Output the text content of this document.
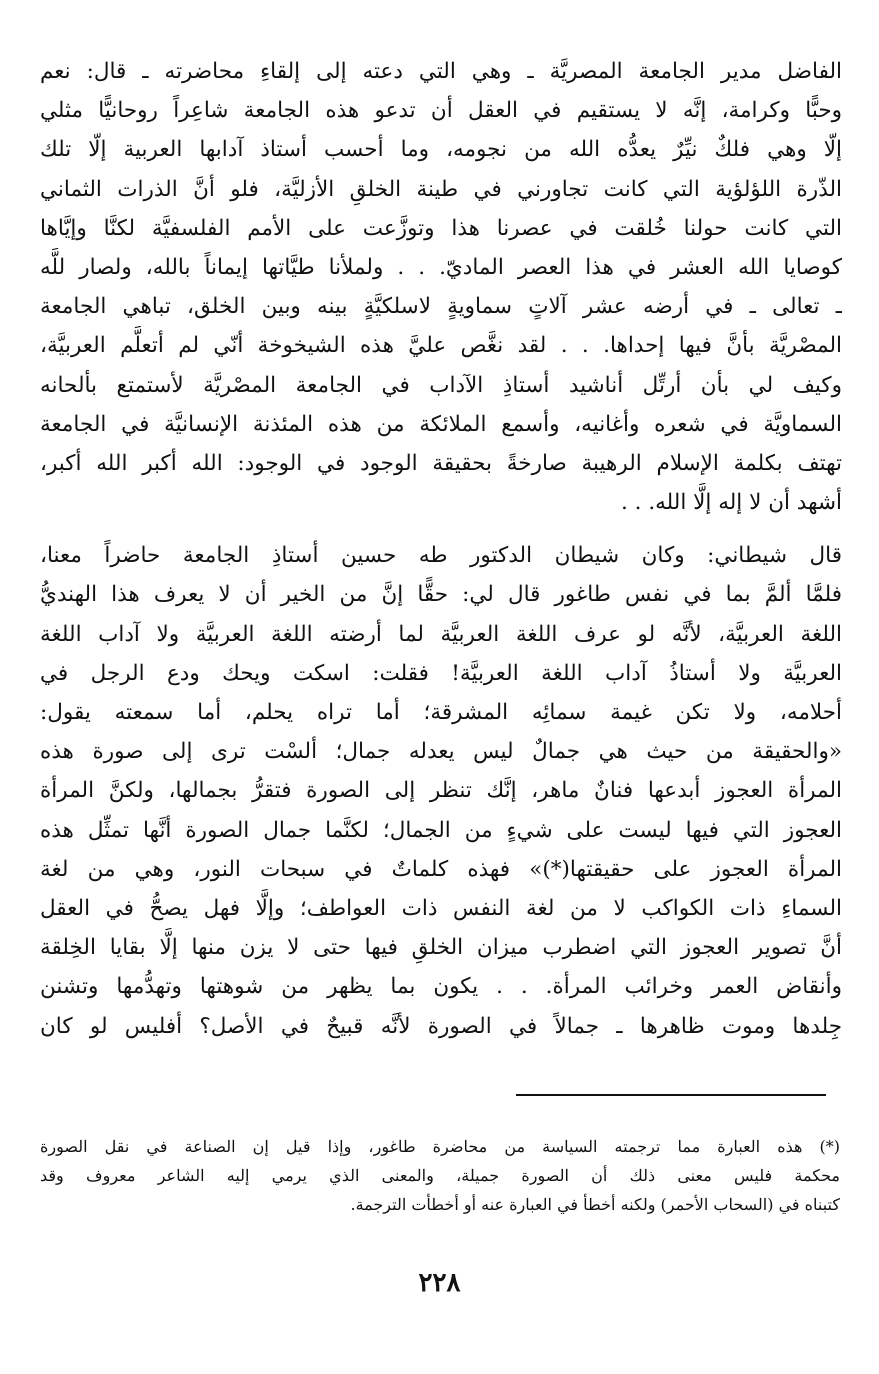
الفاضل مدير الجامعة المصريَّة ـ وهي التي دعته إلى إلقاءِ محاضرته ـ قال: نعم
وحبًّا وكرامة، إنَّه لا يستقيم في العقل أن تدعو هذه الجامعة شاعِراً روحانيًّا مثلي
إلّا وهي فلكٌ نيِّرٌ يعدُّه الله من نجومه، وما أحسب أستاذ آدابها العربية إلّا تلك
الذّرة اللؤلؤية التي كانت تجاورني في طينة الخلقِ الأزليَّة، فلو أنَّ الذرات الثماني
التي كانت حولنا خُلقت في عصرنا هذا وتوزَّعت على الأمم الفلسفيَّة لكنَّا وإيَّاها
كوصايا الله العشر في هذا العصر الماديّ. . . ولملأنا طيَّاتها إيماناً بالله، ولصار للَّه
ـ تعالى ـ في أرضه عشر آلاتٍ سماويةٍ لاسلكيَّةٍ بينه وبين الخلق، تباهي الجامعة
المصْريَّة بأنَّ فيها إحداها. . . لقد نغَّص عليَّ هذه الشيخوخة أنّي لم أتعلَّم العربيَّة،
وكيف لي بأن أرتِّل أناشيد أستاذِ الآداب في الجامعة المصْريَّة لأستمتع بألحانه
السماويَّة في شعره وأغانيه، وأسمع الملائكة من هذه المئذنة الإنسانيَّة في الجامعة
تهتف بكلمة الإسلام الرهيبة صارخةً بحقيقة الوجود في الوجود: الله أكبر الله أكبر،
أشهد أن لا إله إلَّا الله. . .
قال شيطاني: وكان شيطان الدكتور طه حسين أستاذِ الجامعة حاضراً معنا،
فلمَّا ألمَّ بما في نفس طاغور قال لي: حقًّا إنَّ من الخير أن لا يعرف هذا الهنديُّ
اللغة العربيَّة، لأنَّه لو عرف اللغة العربيَّة لما أرضته اللغة العربيَّة ولا آداب اللغة
العربيَّة ولا أستاذُ آداب اللغة العربيَّة! فقلت: اسكت ويحك ودع الرجل في
أحلامه، ولا تكن غيمة سمائِه المشرقة؛ أما تراه يحلم، أما سمعته يقول:
«والحقيقة من حيث هي جمالٌ ليس يعدله جمال؛ ألسْت ترى إلى صورة هذه
المرأة العجوز أبدعها فنانٌ ماهر، إنَّك تنظر إلى الصورة فتقرُّ بجمالها، ولكنَّ المرأة
العجوز التي فيها ليست على شيءٍ من الجمال؛ لكنَّما جمال الصورة أنَّها تمثِّل هذه
المرأة العجوز على حقيقتها(*)» فهذه كلماتٌ في سبحات النور، وهي من لغة
السماءِ ذات الكواكب لا من لغة النفس ذات العواطف؛ وإلَّا فهل يصحُّ في العقل
أنَّ تصوير العجوز التي اضطرب ميزان الخلقِ فيها حتى لا يزن منها إلَّا بقايا الخِلقة
وأنقاض العمر وخرائب المرأة. . . يكون بما يظهر من شوهتها وتهدُّمها وتشنن
جِلدها وموت ظاهرها ـ جمالاً في الصورة لأنَّه قبيحٌ في الأصل؟ أفليس لو كان
(*) هذه العبارة مما ترجمته السياسة من محاضرة طاغور، وإذا قيل إن الصناعة في نقل الصورة
محكمة فليس معنى ذلك أن الصورة جميلة، والمعنى الذي يرمي إليه الشاعر معروف وقد
كتبناه في (السحاب الأحمر) ولكنه أخطأ في العبارة عنه أو أخطأت الترجمة.
٢٢٨
